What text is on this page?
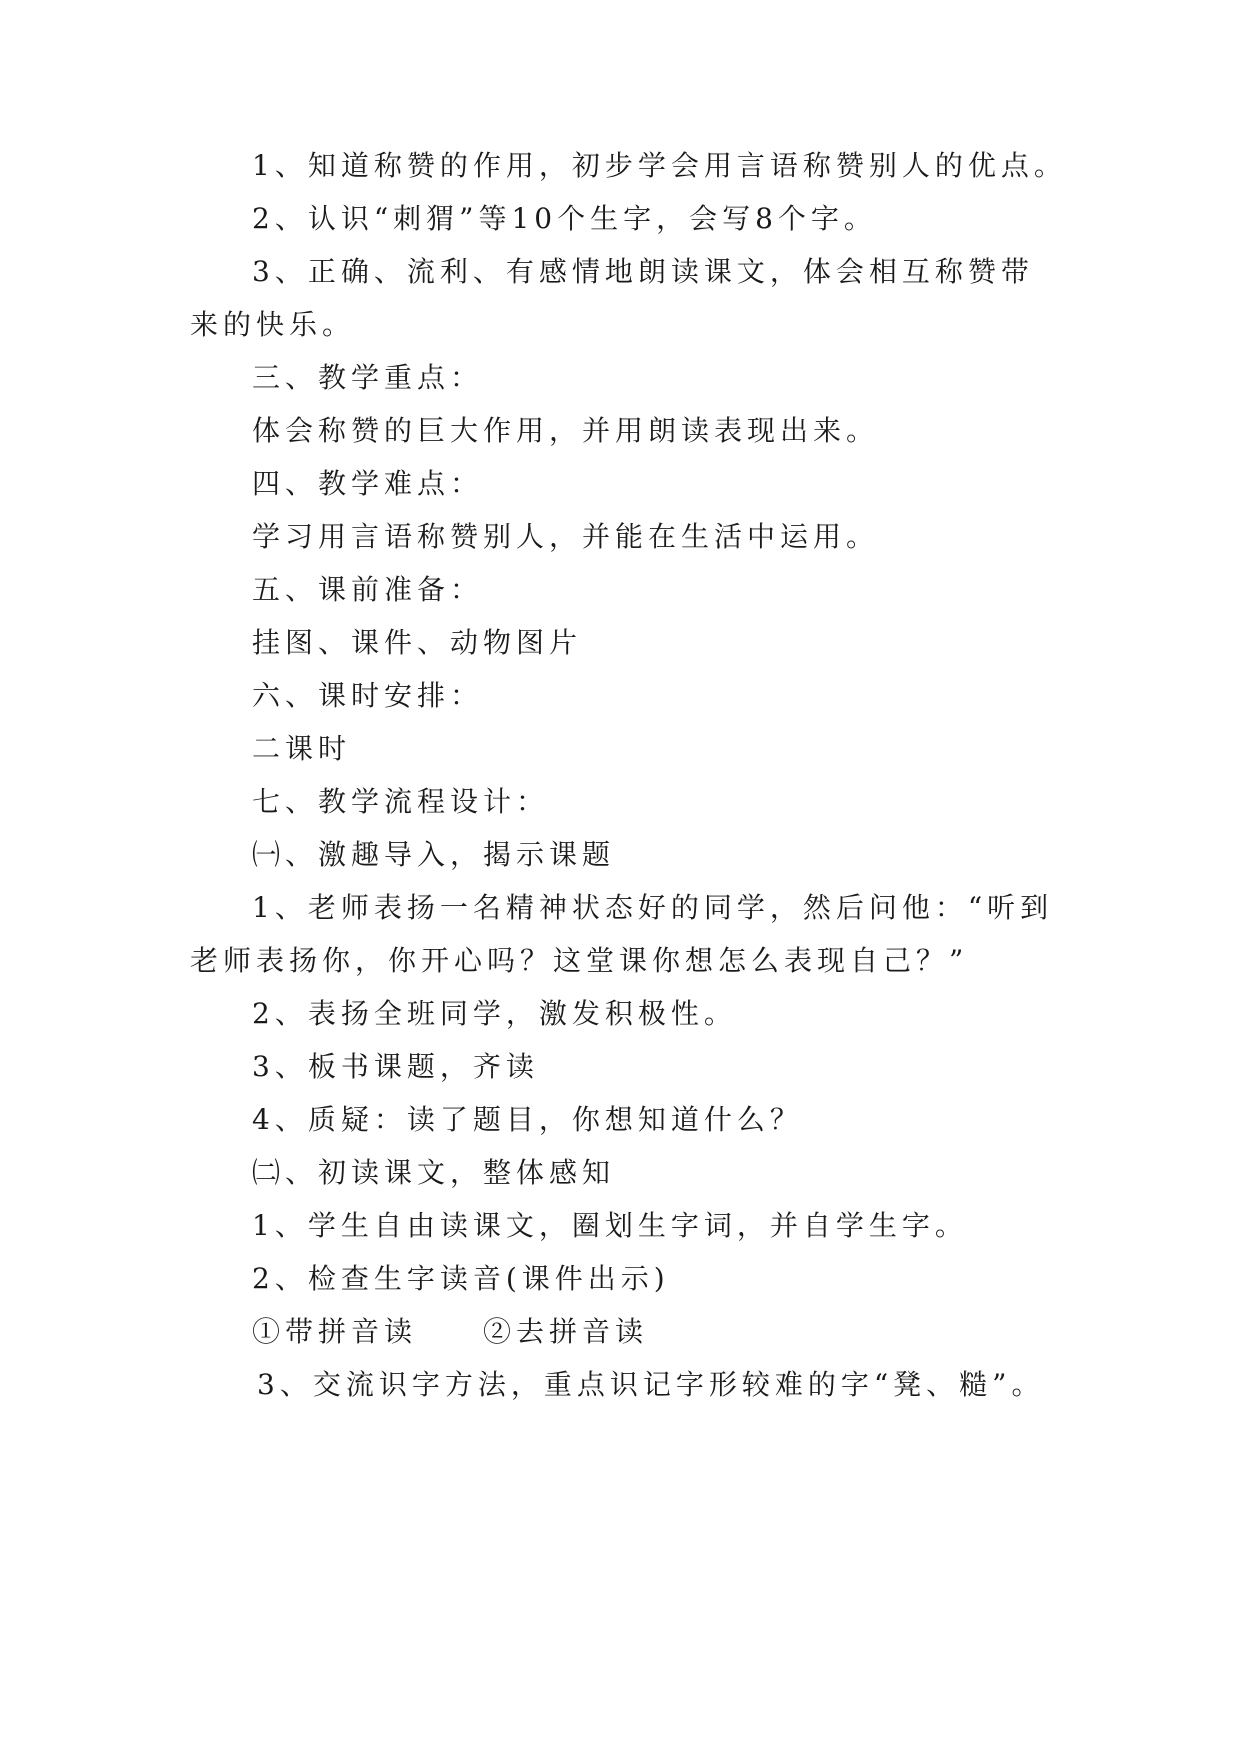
1、知道称赞的作用，初步学会用言语称赞别人的优点。
2、认识“刺猬”等10个生字，会写8个字。
3、正确、流利、有感情地朗读课文，体会相互称赞带
来的快乐。
三、教学重点：
体会称赞的巨大作用，并用朗读表现出来。
四、教学难点：
学习用言语称赞别人，并能在生活中运用。
五、课前准备：
挂图、课件、动物图片
六、课时安排：
二课时
七、教学流程设计：
㈠、激趣导入，揭示课题
1、老师表扬一名精神状态好的同学，然后问他：“听到
老师表扬你，你开心吗？这堂课你想怎么表现自己？”
2、表扬全班同学，激发积极性。
3、板书课题，齐读
4、质疑：读了题目，你想知道什么？
㈡、初读课文，整体感知
1、学生自由读课文，圈划生字词，并自学生字。
2、检查生字读音(课件出示)
①带拼音读　　②去拼音读
3、交流识字方法，重点识记字形较难的字“凳、糙”。
